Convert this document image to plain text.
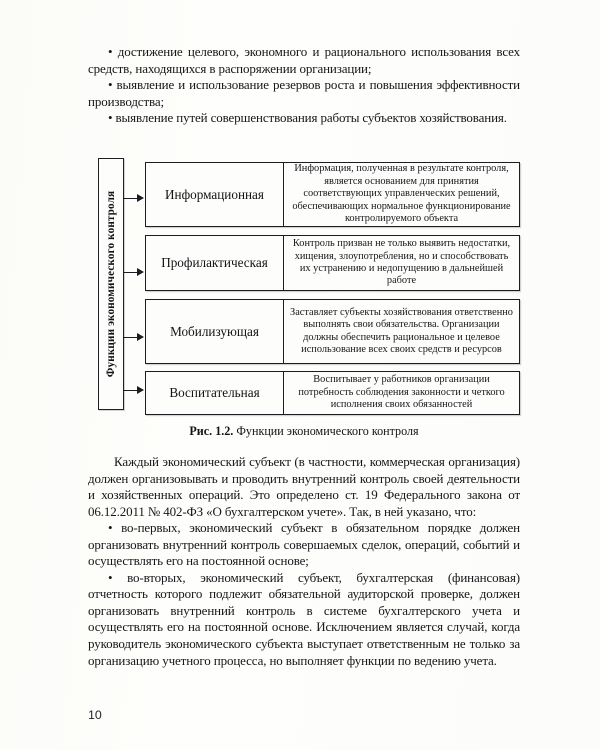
• достижение целевого, экономного и рационального использования всех средств, находящихся в распоряжении организации;

• выявление и использование резервов роста и повышения эффективности производства;

• выявление путей совершенствования работы субъектов хозяйствования.

Функции экономического контроля	Информационная
Информация, полученная в результате контроля, является основанием для принятия соответствующих управленческих решений, обеспечивающих нормальное функционирование контролируемого объекта
Профилактическая
Контроль призван не только выявить недостатки, хищения, злоупотребления, но и способствовать их устранению и недопущению в дальнейшей работе
Мобилизующая
Заставляет субъекты хозяйствования ответственно выполнять свои обязательства. Организации должны обеспечить рациональное и целевое использование всех своих средств и ресурсов
Воспитательная
Воспитывает у работников организации потребность соблюдения законности и четкого исполнения своих обязанностей
Рис. 1.2. Функции экономического контроля

Каждый экономический субъект (в частности, коммерческая организация) должен организовывать и проводить внутренний контроль своей деятельности и хозяйственных операций. Это определено ст. 19 Федерального закона от 06.12.2011 № 402-ФЗ «О бухгалтерском учете». Так, в ней указано, что:

• во-первых, экономический субъект в обязательном порядке должен организовать внутренний контроль совершаемых сделок, операций, событий и осуществлять его на постоянной основе;

• во-вторых, экономический субъект, бухгалтерская (финансовая) отчетность которого подлежит обязательной аудиторской проверке, должен организовать внутренний контроль в системе бухгалтерского учета и осуществлять его на постоянной основе. Исключением является случай, когда руководитель экономического субъекта выступает ответственным не только за организацию учетного процесса, но выполняет функции по ведению учета.

10
